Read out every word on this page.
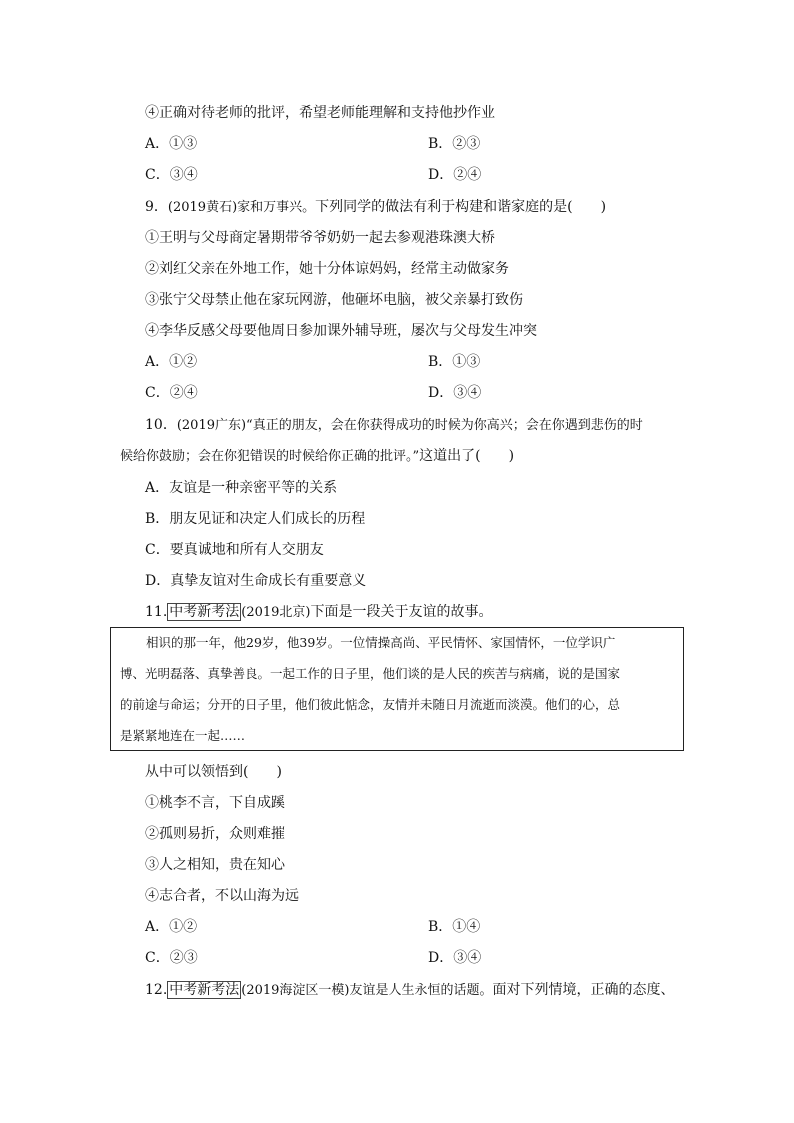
④正确对待老师的批评，希望老师能理解和支持他抄作业
A．①③	B．②③
C．③④	D．②④
9．(2019黄石)家和万事兴。下列同学的做法有利于构建和谐家庭的是(　　)
①王明与父母商定暑期带爷爷奶奶一起去参观港珠澳大桥
②刘红父亲在外地工作，她十分体谅妈妈，经常主动做家务
③张宁父母禁止他在家玩网游，他砸坏电脑，被父亲暴打致伤
④李华反感父母要他周日参加课外辅导班，屡次与父母发生冲突
A．①②	B．①③
C．②④	D．③④
10．(2019广东)“真正的朋友，会在你获得成功的时候为你高兴；会在你遇到悲伤的时
候给你鼓励；会在你犯错误的时候给你正确的批评。”这道出了(　　)
A．友谊是一种亲密平等的关系
B．朋友见证和决定人们成长的历程
C．要真诚地和所有人交朋友
D．真挚友谊对生命成长有重要意义
11. 中考新考法 (2019北京)下面是一段关于友谊的故事。
相识的那一年，他29岁，他39岁。一位情操高尚、平民情怀、家国情怀，一位学识广
博、光明磊落、真挚善良。一起工作的日子里，他们谈的是人民的疾苦与病痛，说的是国家
的前途与命运；分开的日子里，他们彼此惦念，友情并未随日月流逝而淡漠。他们的心，总
是紧紧地连在一起……
从中可以领悟到(　　)
①桃李不言，下自成蹊
②孤则易折，众则难摧
③人之相知，贵在知心
④志合者，不以山海为远
A．①②	B．①④
C．②③	D．③④
12. 中考新考法 (2019海淀区一模)友谊是人生永恒的话题。面对下列情境，正确的态度、
